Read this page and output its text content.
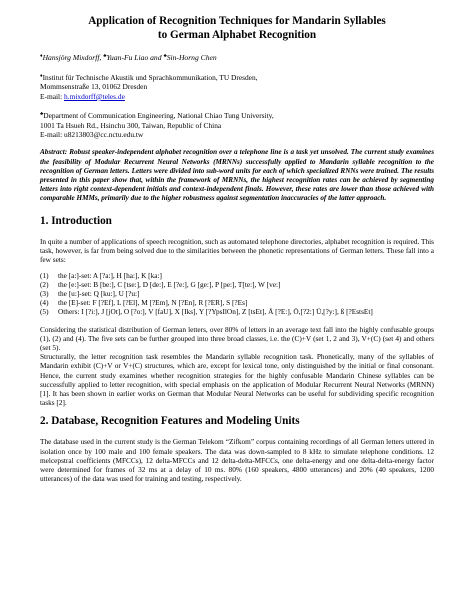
Application of Recognition Techniques for Mandarin Syllables
to German Alphabet Recognition
♦Hansjörg Mixdorff, ♣Yuan-Fu Liao and ♣Sin-Horng Chen
♦Institut für Technische Akustik und Sprachkommunikation, TU Dresden,
Mommsenstraße 13, 01062 Dresden
E-mail: h.mixdorff@teles.de
♣Department of Communication Engineering, National Chiao Tung University,
1001 Ta Hsueh Rd., Hsinchu 300, Taiwan, Republic of China
E-mail: u8213803@cc.nctu.edu.tw
Abstract: Robust speaker-independent alphabet recognition over a telephone line is a task yet unsolved. The current study examines the feasibility of Modular Recurrent Neural Networks (MRNNs) successfully applied to Mandarin syllable recognition to the recognition of German letters. Letters were divided into sub-word units for each of which specialized RNNs were trained. The results presented in this paper show that, within the framework of MRNNs, the highest recognition rates can be achieved by segmenting letters into right context-dependent initials and context-independent finals. However, these rates are lower than those achieved with comparable HMMs, primarily due to the higher robustness against segmentation inaccuracies of the latter approach.
1. Introduction

In quite a number of applications of speech recognition, such as automated telephone directories, alphabet recognition is required. This task, however, is far from being solved due to the similarities between the phonetic representations of German letters. These fall into a few sets:

(1)	the [a:]-set: A [?a:], H [ha:], K [ka:]
(2)	the [e:]-set: B [be:], C [tse:], D [de:], E [?e:], G [ge:], P [pe:], T[te:], W [ve:]
(3)	the [u:]-set: Q [ku:], U [?u:]
(4)	the [E]-set: F [?Ef], L [?El], M [?Em], N [?En], R [?ER], S [?Es]
(5)	Others: I [?i:], J [jOt], O [?o:], V [faU], X [Iks], Y [?YpsIlOn], Z [tsEt], Ä [?E:], Ö,[?2:] Ü,[?y:], ß [?EstsEt]

Considering the statistical distribution of German letters, over 80% of letters in an average text fall into the highly confusable groups (1), (2) and (4). The five sets can be further grouped into three broad classes, i.e. the (C)+V (set 1, 2 and 3), V+(C) (set 4) and others (set 5).

Structurally, the letter recognition task resembles the Mandarin syllable recognition task. Phonetically, many of the syllables of Mandarin exhibit (C)+V or V+(C) structures, which are, except for lexical tone, only distinguished by the initial or final consonant. Hence, the current study examines whether recognition strategies for the highly confusable Mandarin Chinese syllables can be successfully applied to letter recognition, with special emphasis on the application of Modular Recurrent Neural Networks (MRNN)[1]. It has been shown in earlier works on German that Modular Neural Networks can be useful for subdividing specific recognition tasks [2].

2. Database, Recognition Features and Modeling Units

The database used in the current study is the German Telekom “Zifkom” corpus containing recordings of all German letters uttered in isolation once by 100 male and 100 female speakers. The data was down-sampled to 8 kHz to simulate telephone conditions. 12 melcepstral coefficients (MFCCs), 12 delta-MFCCs and 12 delta-delta-MFCCs, one delta-energy and one delta-delta-energy factor were determined for frames of 32 ms at a delay of 10 ms. 80% (160 speakers, 4800 utterances) and 20% (40 speakers, 1200 utterances) of the data was used for training and testing, respectively.
